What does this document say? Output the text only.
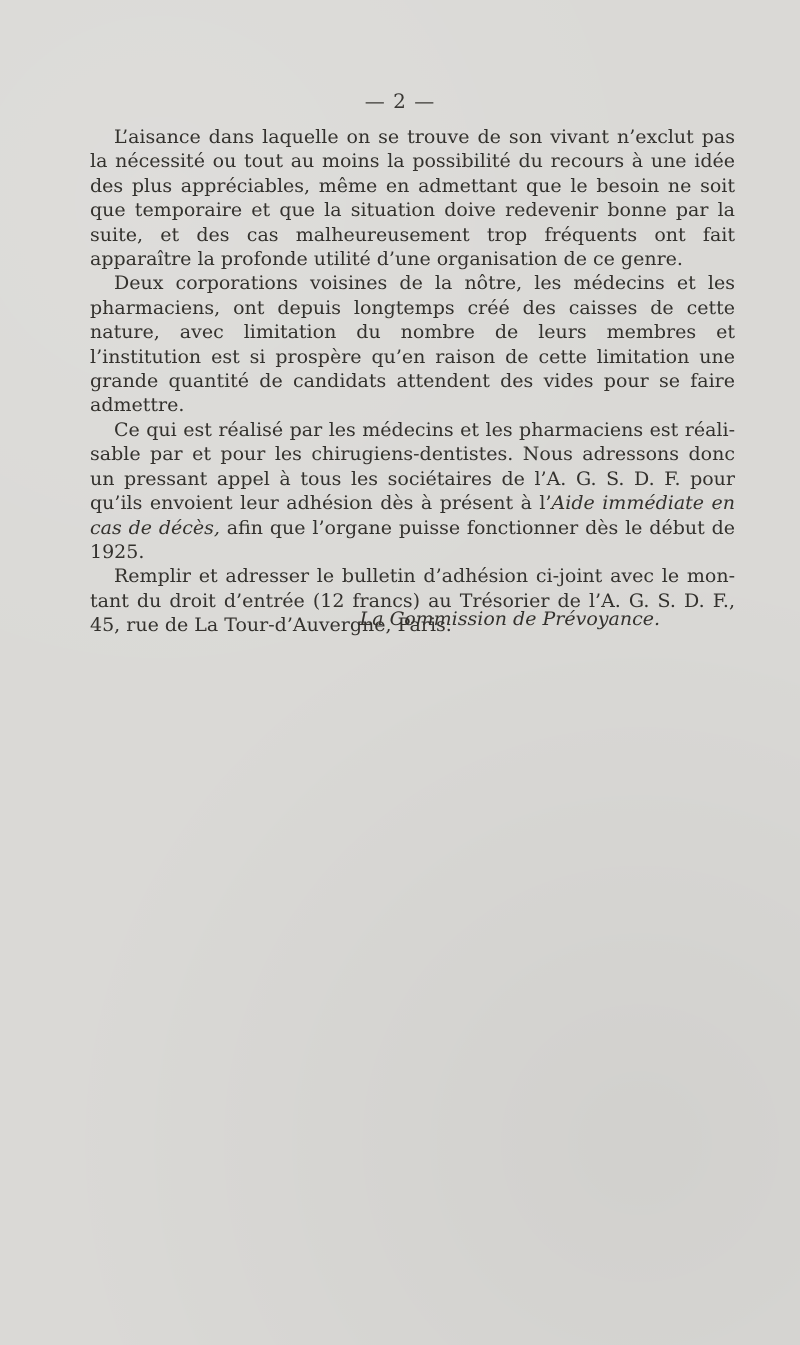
— 2 —

L’aisance dans laquelle on se trouve de son vivant n’exclut pas la nécessité ou tout au moins la possibilité du recours à une idée des plus appréciables, même en admettant que le besoin ne soit que temporaire et que la situation doive redevenir bonne par la suite, et des cas malheureusement trop fréquents ont fait apparaître la profonde utilité d’une organisation de ce genre.

Deux corporations voisines de la nôtre, les médecins et les pharmaciens, ont depuis longtemps créé des caisses de cette nature, avec limitation du nombre de leurs membres et l’institution est si prospère qu’en raison de cette limitation une grande quantité de candidats attendent des vides pour se faire admettre.

Ce qui est réalisé par les médecins et les pharmaciens est réalisable par et pour les chirugiens-dentistes. Nous adressons donc un pressant appel à tous les sociétaires de l’A. G. S. D. F. pour qu’ils envoient leur adhésion dès à présent à l’Aide immédiate en cas de décès, afin que l’organe puisse fonctionner dès le début de 1925.

Remplir et adresser le bulletin d’adhésion ci-joint avec le montant du droit d’entrée (12 francs) au Trésorier de l’A. G. S. D. F., 45, rue de La Tour-d’Auvergne, Paris.

La Commission de Prévoyance.
